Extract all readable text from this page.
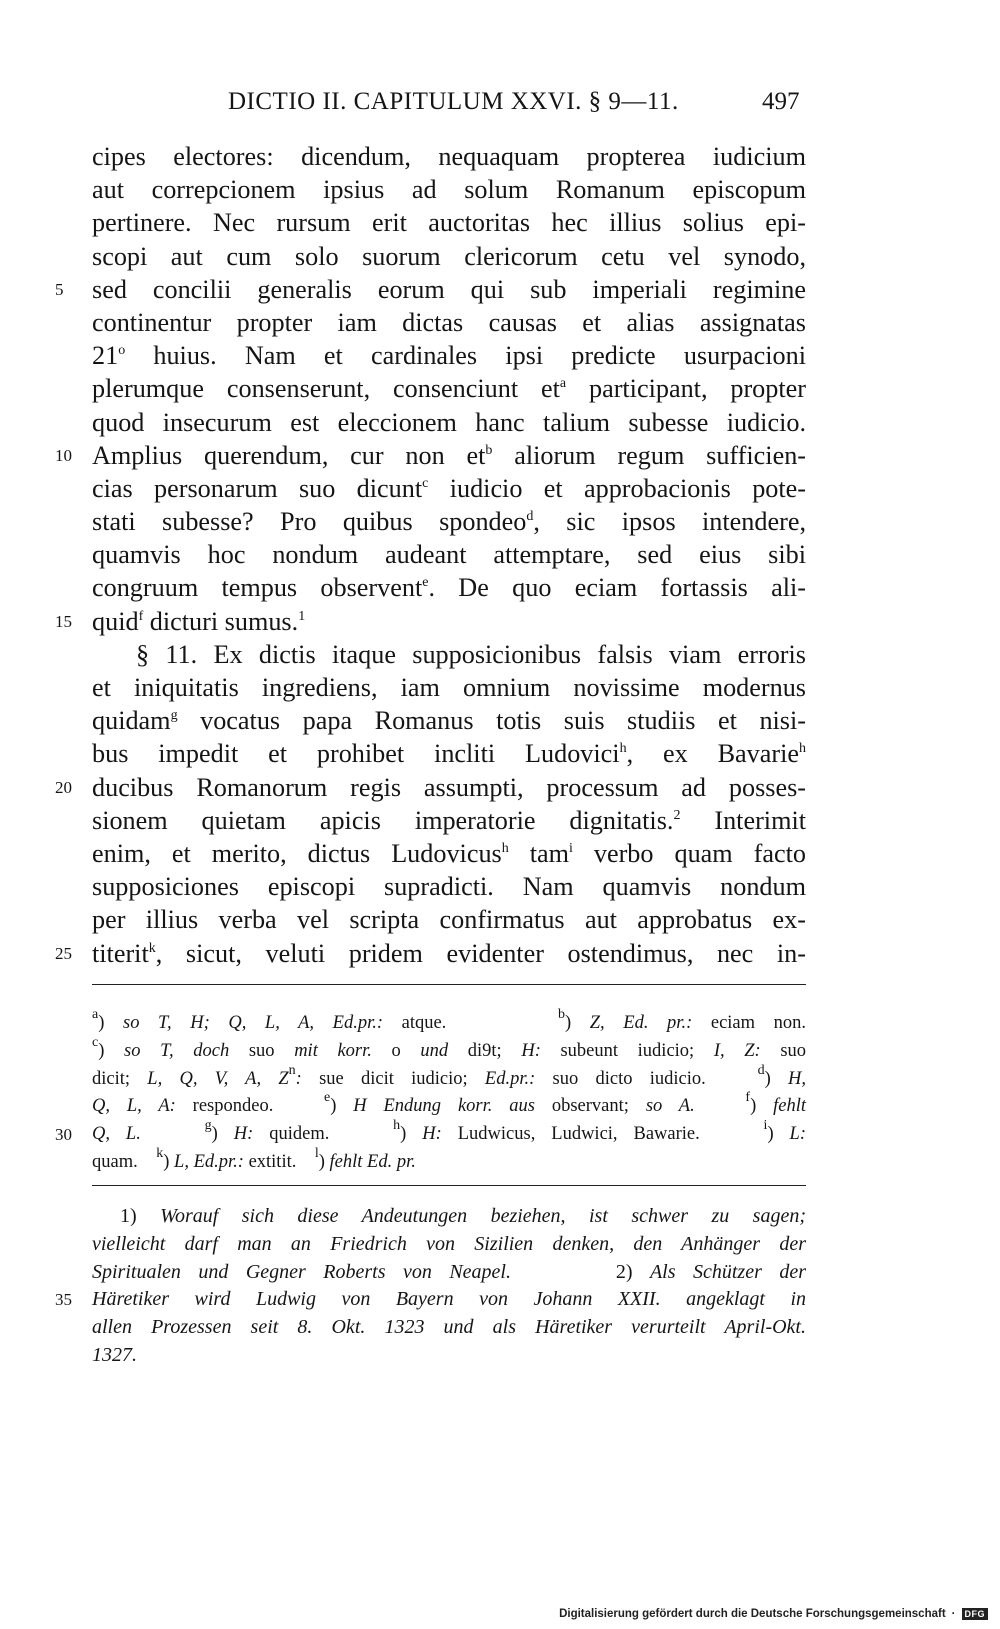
DICTIO II. CAPITULUM XXVI. § 9—11.	497
cipes electores: dicendum, nequaquam propterea iudicium
aut correpcionem ipsius ad solum Romanum episcopum
pertinere. Nec rursum erit auctoritas hec illius solius epi-
scopi aut cum solo suorum clericorum cetu vel synodo,
5	sed concilii generalis eorum qui sub imperiali regimine
continentur propter iam dictas causas et alias assignatas
21$^o$ huius. Nam et cardinales ipsi predicte usurpacioni
plerumque consenserunt, consenciunt $et^a$ participant, propter
quod insecurum est eleccionem hanc talium subesse iudicio.
10 Amplius querendum, cur non $et^b$ aliorum regum sufficien-
cias personarum suo dicunt$^c$ iudicio et approbacionis pote-
stati subesse? Pro quibus spondeo$^d$, sic ipsos intendere,
quamvis hoc nondum audeant attemptare, sed eius sibi
congruum tempus observent$^e$. De quo eciam fortassis ali-
15 quid$^f$ dicturi sumus.$^1$
§ 11. Ex dictis itaque supposicionibus falsis viam erroris
et iniquitatis ingrediens, iam omnium novissime modernus
quidam$^g$ vocatus papa Romanus totis suis studiis et nisi-
bus impedit et prohibet incliti Ludovici$^h$, ex Bavarie$^h$
20 ducibus Romanorum regis assumpti, processum ad posses-
sionem quietam apicis imperatorie dignitatis.$^2$ Interimit
enim, et merito, dictus Ludovicus$^h$ tam$^i$ verbo quam facto
supposiciones episcopi supradicti. Nam quamvis nondum
per illius verba vel scripta confirmatus aut approbatus ex-
25 titerit$^k$, sicut, veluti pridem evidenter ostendimus, nec in-
$^a$) so T, H; Q, L, A, Ed.pr.: atque.      $^b$) Z, Ed. pr.: eciam non.
$^c$) so T, doch suo mit korr. o und di9t; H: subeunt iudicio; I, Z: suo
dicit; L, Q, V, A, $Z^n$: sue dicit iudicio; Ed.pr.: suo dicto iudicio.   $^d$) H,
Q, L, A: respondeo.   $^e$) H Endung korr. aus observant; so A.	$^f$) fehlt
30	Q, L.	$^g$) H: quidem.    $^h$) H: Ludwicus, Ludwici, Bawarie.    $^i$) L:
quam.    $^k$) L, Ed.pr.: extitit.    $^l$) fehlt Ed. pr.
1) Worauf sich diese Andeutungen beziehen, ist schwer zu sagen;
vielleicht darf man an Friedrich von Sizilien denken, den Anhänger der
Spiritualen und Gegner Roberts von Neapel.      2) Als Schützer der
35	Häretiker wird Ludwig von Bayern von Johann XXII. angeklagt in
allen Prozessen seit 8. Okt. 1323 und als Häretiker verurteilt April-Okt.
1327.
Digitalisierung gefördert durch die Deutsche Forschungsgemeinschaft ·	DFG
